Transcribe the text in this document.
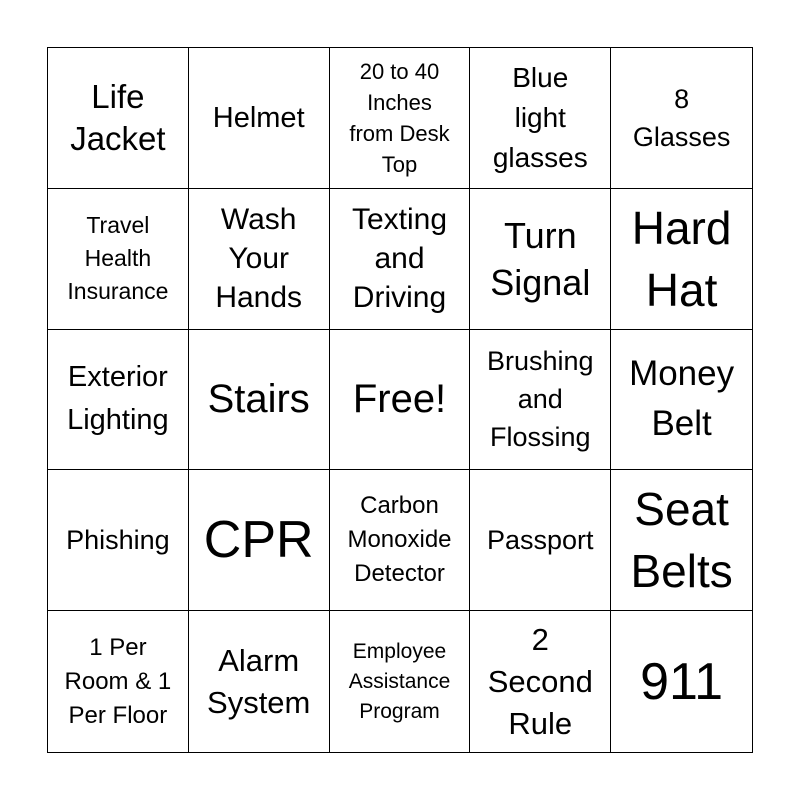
Life
Jacket
Helmet
20 to 40
Inches
from Desk
Top
Blue
light
glasses
8
Glasses
Travel
Health
Insurance
Wash
Your
Hands
Texting
and
Driving
Turn
Signal
Hard
Hat
Exterior
Lighting Stairs Free!
Brushing
and
Flossing
Money
Belt
Phishing CPR
Carbon
Monoxide
Detector
Passport
Seat
Belts
1 Per
Room & 1
Per Floor
Alarm
System
Employee
Assistance
Program
2
Second
Rule
911
